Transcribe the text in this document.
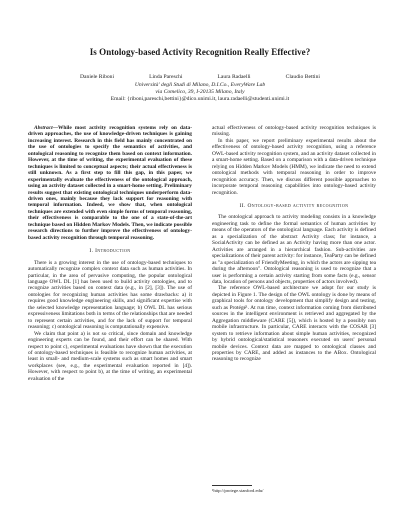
Is Ontology-based Activity Recognition Really Effective?
Daniele Riboni	Linda Pareschi	Laura Radaelli	Claudio Bettini
Università' degli Studi di Milano, D.I.Co., EveryWare Lab
via Comelico, 39, I-20135 Milano, Italy
Email: {riboni,pareschi,bettini}@dico.unimi.it, laura.radaelli@studenti.unimi.it

Abstract—While most activity recognition systems rely on data-driven approaches, the use of knowledge-driven techniques is gaining increasing interest. Research in this field has mainly concentrated on the use of ontologies to specify the semantics of activities, and ontological reasoning to recognize them based on context information. However, at the time of writing, the experimental evaluation of these techniques is limited to conceptual aspects; their actual effectiveness is still unknown. As a first step to fill this gap, in this paper, we experimentally evaluate the effectiveness of the ontological approach, using an activity dataset collected in a smart-home setting. Preliminary results suggest that existing ontological techniques underperform data-driven ones, mainly because they lack support for reasoning with temporal information. Indeed, we show that, when ontological techniques are extended with even simple forms of temporal reasoning, their effectiveness is comparable to the one of a state-of-the-art technique based on Hidden Markov Models. Then, we indicate possible research directions to further improve the effectiveness of ontology-based activity recognition through temporal reasoning.

I. Introduction

There is a growing interest in the use of ontology-based techniques to automatically recognize complex context data such as human activities. In particular, in the area of pervasive computing, the popular ontological language OWL DL [1] has been used to build activity ontologies, and to recognize activities based on context data (e.g., in [2], [3]). The use of ontologies for recognizing human activities has some drawbacks: a) it requires good knowledge engineering skills, and significant expertise with the selected knowledge representation language; b) OWL DL has serious expressiveness limitations both in terms of the relationships that are needed to represent certain activities, and for the lack of support for temporal reasoning; c) ontological reasoning is computationally expensive.

We claim that point a) is not so critical, since domain and knowledge engineering experts can be found, and their effort can be shared. With respect to point c), experimental evaluations have shown that the execution of ontology-based techniques is feasible to recognize human activities, at least in small- and medium-scale systems such as smart homes and smart workplaces (see, e.g., the experimental evaluation reported in [4]). However, with respect to point b), at the time of writing, an experimental evaluation of the

actual effectiveness of ontology-based activity recognition techniques is missing.

In this paper, we report preliminary experimental results about the effectiveness of ontology-based activity recognition, using a reference OWL-based activity recognition system, and an activity dataset collected in a smart-home setting. Based on a comparison with a data-driven technique relying on Hidden Markov Models (HMM), we indicate the need to extend ontological methods with temporal reasoning in order to improve recognition accuracy. Then, we discuss different possible approaches to incorporate temporal reasoning capabilities into ontology-based activity recognition.

II. Ontology-based activity recognition

The ontological approach to activity modeling consists in a knowledge engineering task to define the formal semantics of human activities by means of the operators of the ontological language. Each activity is defined as a specialization of the abstract Activity class; for instance, a SocialActivity can be defined as an Activity having more than one actor. Activities are arranged in a hierarchical fashion. Sub-activities are specializations of their parent activity: for instance, TeaParty can be defined as "a specialization of FriendlyMeeting, in which the actors are sipping tea during the afternoon". Ontological reasoning is used to recognize that a user is performing a certain activity starting from some facts (e.g., sensor data, location of persons and objects, properties of actors involved).

The reference OWL-based architecture we adopt for our study is depicted in Figure 1. The design of the OWL ontology is done by means of graphical tools for ontology development that simplify design and testing, such as Protégé¹. At run time, context information coming from distributed sources in the intelligent environment is retrieved and aggregated by the Aggregation middleware (CARE [5]), which is hosted by a possibly non mobile infrastructure. In particular, CARE interacts with the COSAR [3] system to retrieve information about simple human activities, recognized by hybrid ontological/statistical reasoners executed on users' personal mobile devices. Context data are mapped to ontological classes and properties by CARE, and added as instances to the ABox. Ontological reasoning to recognize

¹http://protege.stanford.edu/
